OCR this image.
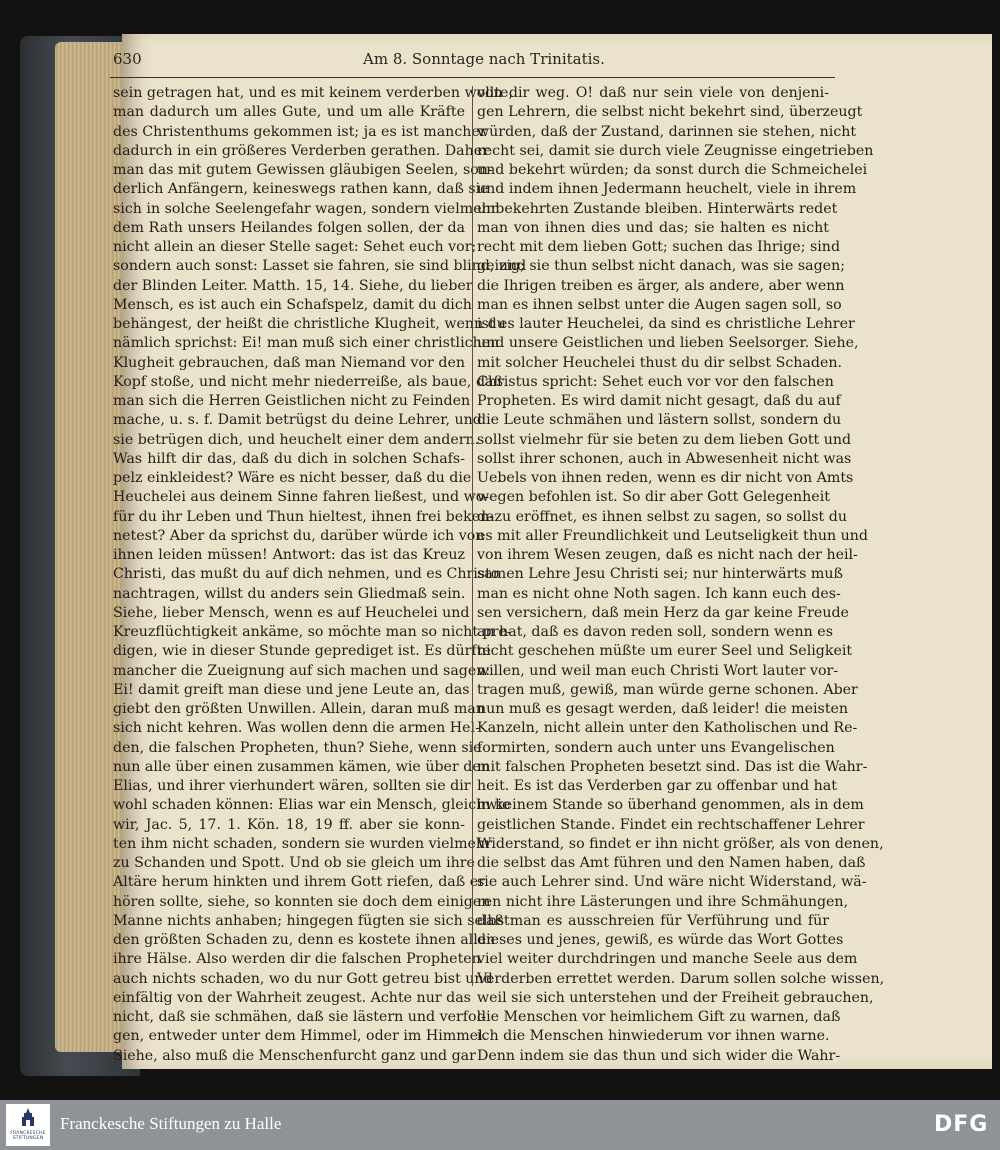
630	Am 8. Sonntage nach Trinitatis.
sein getragen hat, und es mit keinem verderben wollte,
man dadurch um alles Gute, und um alle Kräfte
des Christenthums gekommen ist; ja es ist mancher
dadurch in ein größeres Verderben gerathen. Daher
man das mit gutem Gewissen gläubigen Seelen, son-
derlich Anfängern, keineswegs rathen kann, daß sie
sich in solche Seelengefahr wagen, sondern vielmehr
dem Rath unsers Heilandes folgen sollen, der da
nicht allein an dieser Stelle saget: Sehet euch vor;
sondern auch sonst: Lasset sie fahren, sie sind blind, und
der Blinden Leiter. Matth. 15, 14. Siehe, du lieber
Mensch, es ist auch ein Schafspelz, damit du dich
behängest, der heißt die christliche Klugheit, wenn du
nämlich sprichst: Ei! man muß sich einer christlichen
Klugheit gebrauchen, daß man Niemand vor den
Kopf stoße, und nicht mehr niederreiße, als baue, daß
man sich die Herren Geistlichen nicht zu Feinden
mache, u. s. f. Damit betrügst du deine Lehrer, und
sie betrügen dich, und heuchelt einer dem andern.
Was hilft dir das, daß du dich in solchen Schafs-
pelz einkleidest? Wäre es nicht besser, daß du die
Heuchelei aus deinem Sinne fahren ließest, und wo-
für du ihr Leben und Thun hieltest, ihnen frei beken-
netest? Aber da sprichst du, darüber würde ich von
ihnen leiden müssen! Antwort: das ist das Kreuz
Christi, das mußt du auf dich nehmen, und es Christo
nachtragen, willst du anders sein Gliedmaß sein.
Siehe, lieber Mensch, wenn es auf Heuchelei und
Kreuzflüchtigkeit ankäme, so möchte man so nicht pre-
digen, wie in dieser Stunde geprediget ist. Es dürfte
mancher die Zueignung auf sich machen und sagen:
Ei! damit greift man diese und jene Leute an, das
giebt den größten Unwillen. Allein, daran muß man
sich nicht kehren. Was wollen denn die armen Hel-
den, die falschen Propheten, thun? Siehe, wenn sie
nun alle über einen zusammen kämen, wie über den
Elias, und ihrer vierhundert wären, sollten sie dir
wohl schaden können: Elias war ein Mensch, gleichwie
wir, Jac. 5, 17. 1. Kön. 18, 19 ff. aber sie konn-
ten ihm nicht schaden, sondern sie wurden vielmehr
zu Schanden und Spott. Und ob sie gleich um ihre
Altäre herum hinkten und ihrem Gott riefen, daß er
hören sollte, siehe, so konnten sie doch dem einigen
Manne nichts anhaben; hingegen fügten sie sich selbst
den größten Schaden zu, denn es kostete ihnen allen
ihre Hälse. Also werden dir die falschen Propheten
auch nichts schaden, wo du nur Gott getreu bist und
einfältig von der Wahrheit zeugest. Achte nur das
nicht, daß sie schmähen, daß sie lästern und verfol-
gen, entweder unter dem Himmel, oder im Himmel.
Siehe, also muß die Menschenfurcht ganz und gar
von dir weg. O! daß nur sein viele von denjeni-
gen Lehrern, die selbst nicht bekehrt sind, überzeugt
würden, daß der Zustand, darinnen sie stehen, nicht
recht sei, damit sie durch viele Zeugnisse eingetrieben
und bekehrt würden; da sonst durch die Schmeichelei
und indem ihnen Jedermann heuchelt, viele in ihrem
unbekehrten Zustande bleiben. Hinterwärts redet
man von ihnen dies und das; sie halten es nicht
recht mit dem lieben Gott; suchen das Ihrige; sind
geizig; sie thun selbst nicht danach, was sie sagen;
die Ihrigen treiben es ärger, als andere, aber wenn
man es ihnen selbst unter die Augen sagen soll, so
ist es lauter Heuchelei, da sind es christliche Lehrer
und unsere Geistlichen und lieben Seelsorger. Siehe,
mit solcher Heuchelei thust du dir selbst Schaden.
Christus spricht: Sehet euch vor vor den falschen
Propheten. Es wird damit nicht gesagt, daß du auf
die Leute schmähen und lästern sollst, sondern du
sollst vielmehr für sie beten zu dem lieben Gott und
sollst ihrer schonen, auch in Abwesenheit nicht was
Uebels von ihnen reden, wenn es dir nicht von Amts
wegen befohlen ist. So dir aber Gott Gelegenheit
dazu eröffnet, es ihnen selbst zu sagen, so sollst du
es mit aller Freundlichkeit und Leutseligkeit thun und
von ihrem Wesen zeugen, daß es nicht nach der heil-
samen Lehre Jesu Christi sei; nur hinterwärts muß
man es nicht ohne Noth sagen. Ich kann euch des-
sen versichern, daß mein Herz da gar keine Freude
an hat, daß es davon reden soll, sondern wenn es
nicht geschehen müßte um eurer Seel und Seligkeit
willen, und weil man euch Christi Wort lauter vor-
tragen muß, gewiß, man würde gerne schonen. Aber
nun muß es gesagt werden, daß leider! die meisten
Kanzeln, nicht allein unter den Katholischen und Re-
formirten, sondern auch unter uns Evangelischen
mit falschen Propheten besetzt sind. Das ist die Wahr-
heit. Es ist das Verderben gar zu offenbar und hat
in keinem Stande so überhand genommen, als in dem
geistlichen Stande. Findet ein rechtschaffener Lehrer
Widerstand, so findet er ihn nicht größer, als von denen,
die selbst das Amt führen und den Namen haben, daß
sie auch Lehrer sind. Und wäre nicht Widerstand, wä-
ren nicht ihre Lästerungen und ihre Schmähungen,
daß man es ausschreien für Verführung und für
dieses und jenes, gewiß, es würde das Wort Gottes
viel weiter durchdringen und manche Seele aus dem
Verderben errettet werden. Darum sollen solche wissen,
weil sie sich unterstehen und der Freiheit gebrauchen,
die Menschen vor heimlichem Gift zu warnen, daß
ich die Menschen hinwiederum vor ihnen warne.
Denn indem sie das thun und sich wider die Wahr-
FRANCKESCHE
STIFTUNGEN
Franckesche Stiftungen zu Halle	DFG
